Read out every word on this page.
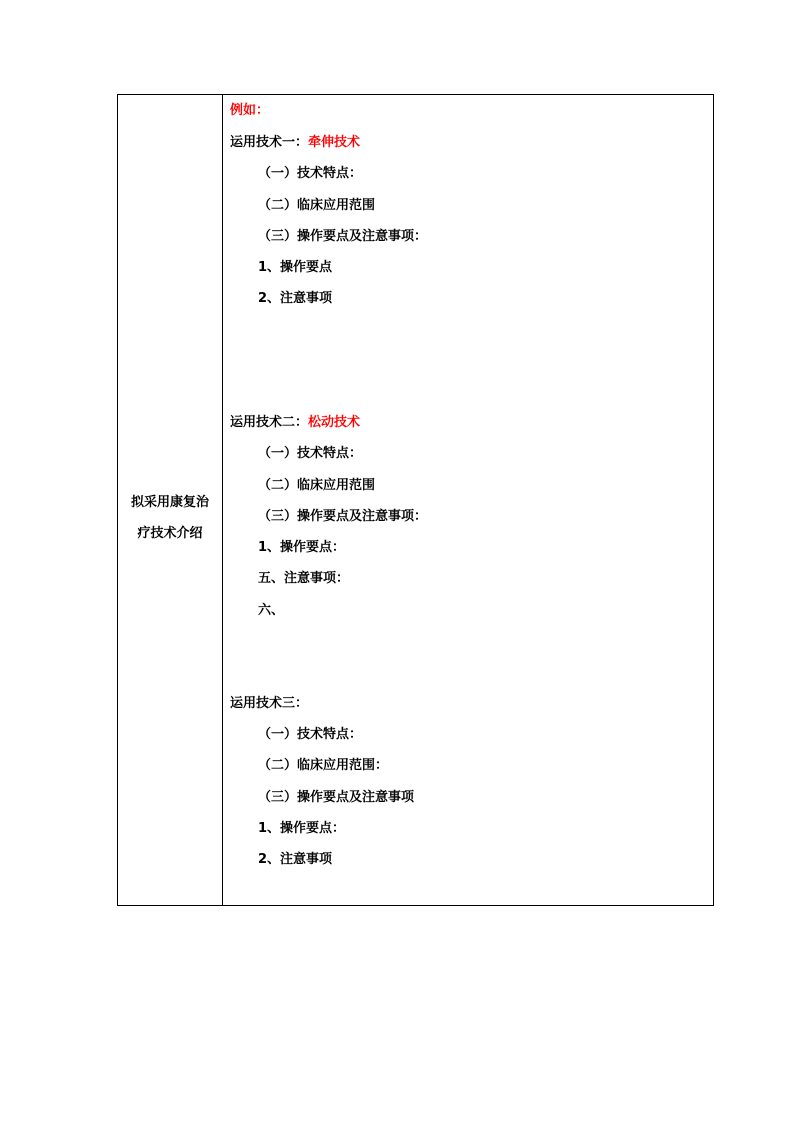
拟采用康复治
疗技术介绍
例如：
运用技术一：牵伸技术
（一）技术特点：
（二）临床应用范围
（三）操作要点及注意事项：
1、操作要点
2、注意事项
运用技术二：松动技术
（一）技术特点：
（二）临床应用范围
（三）操作要点及注意事项：
1、操作要点：
五、注意事项：
六、
运用技术三：
（一）技术特点：
（二）临床应用范围：
（三）操作要点及注意事项
1、操作要点：
2、注意事项
